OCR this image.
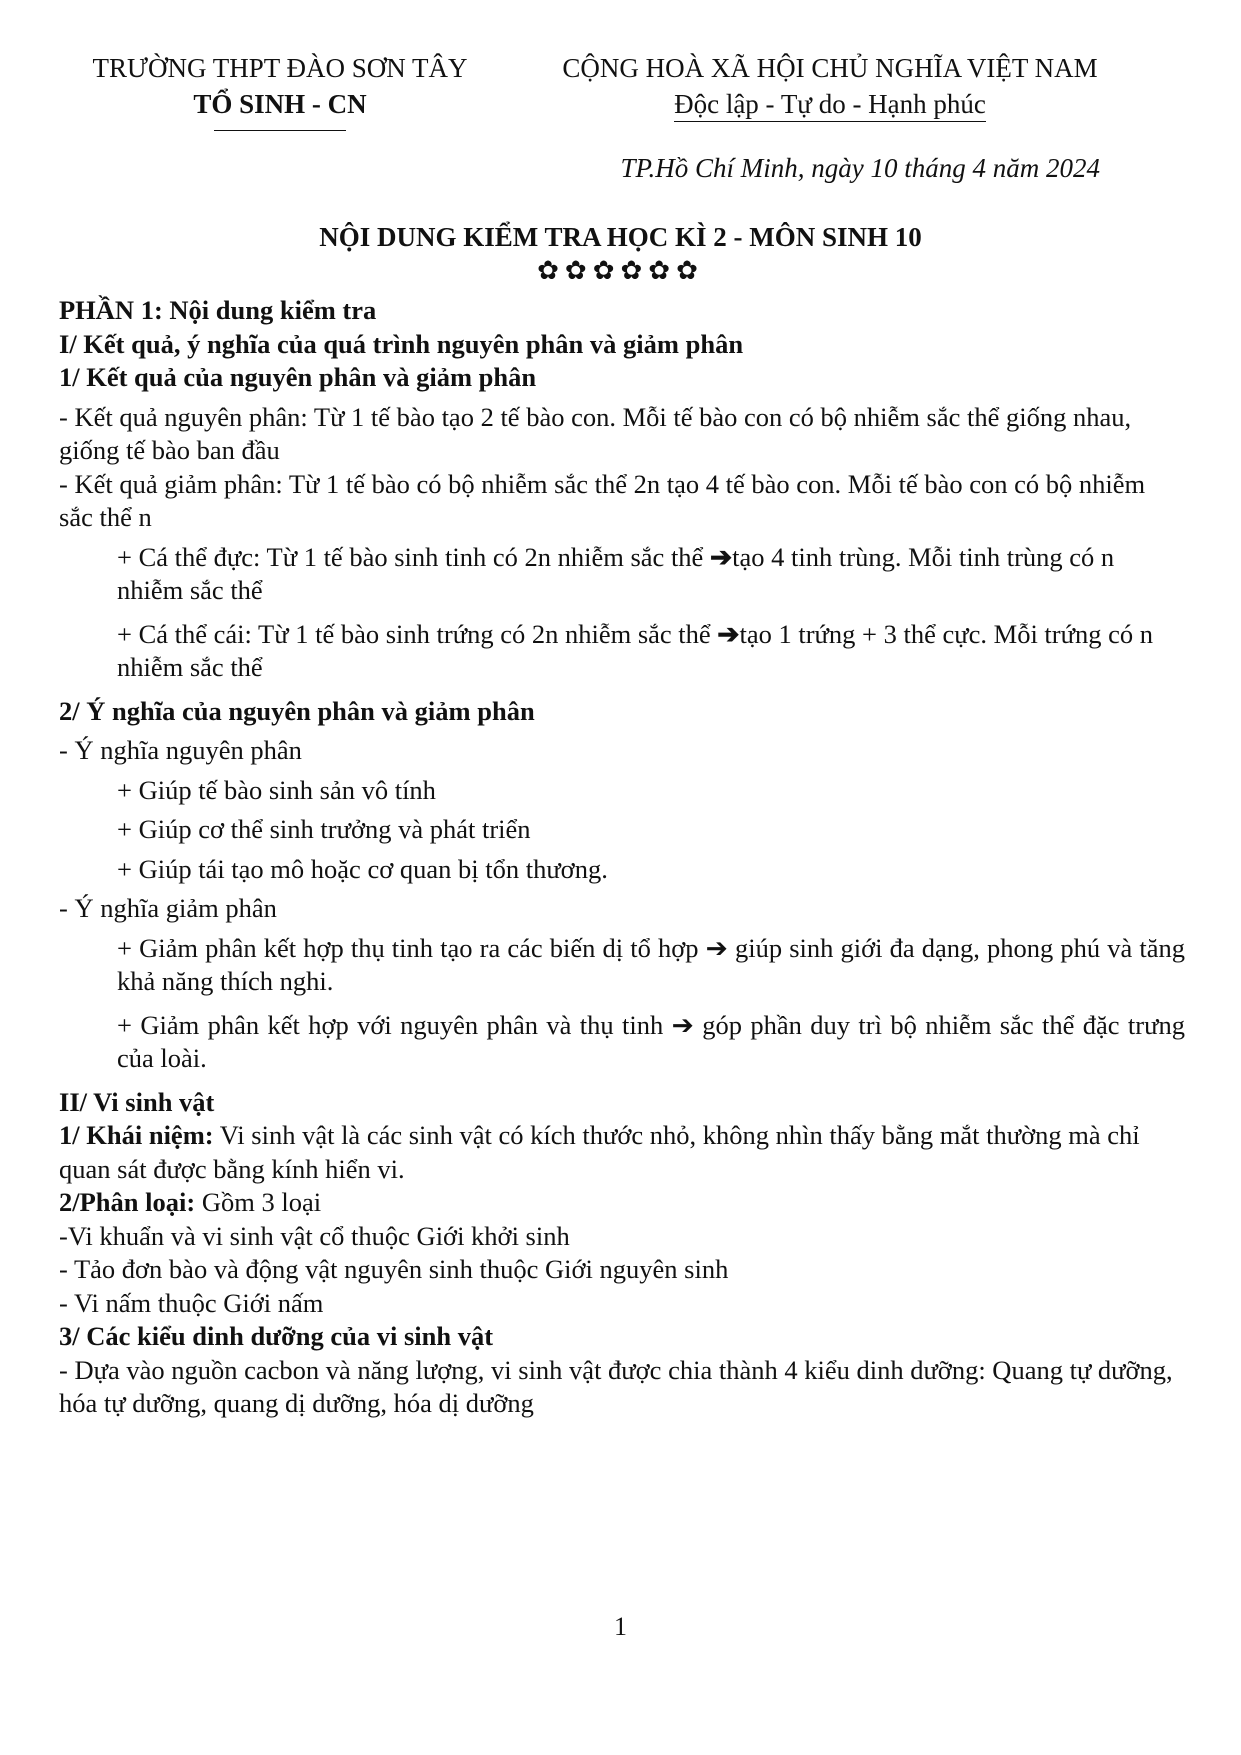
TRƯỜNG THPT ĐÀO SƠN TÂY
TỔ SINH - CN
CỘNG HOÀ XÃ HỘI CHỦ NGHĨA VIỆT NAM
Độc lập - Tự do - Hạnh phúc
TP.Hồ Chí Minh, ngày 10 tháng 4 năm 2024
NỘI DUNG KIỂM TRA HỌC KÌ 2 - MÔN SINH 10
✿✿✿✿✿✿

PHẦN 1: Nội dung kiểm tra

I/ Kết quả, ý nghĩa của quá trình nguyên phân và giảm phân

1/ Kết quả của nguyên phân và giảm phân

- Kết quả nguyên phân: Từ 1 tế bào tạo 2 tế bào con. Mỗi tế bào con có bộ nhiễm sắc thể giống nhau, giống tế bào ban đầu

- Kết quả giảm phân: Từ 1 tế bào có bộ nhiễm sắc thể 2n tạo 4 tế bào con. Mỗi tế bào con có bộ nhiễm sắc thể n

+ Cá thể đực: Từ 1 tế bào sinh tinh có 2n nhiễm sắc thể ➔tạo 4 tinh trùng. Mỗi tinh trùng có n nhiễm sắc thể

+ Cá thể cái: Từ 1 tế bào sinh trứng có 2n nhiễm sắc thể ➔tạo 1 trứng + 3 thể cực. Mỗi trứng có n nhiễm sắc thể

2/ Ý nghĩa của nguyên phân và giảm phân

- Ý nghĩa nguyên phân

+ Giúp tế bào sinh sản vô tính

+ Giúp cơ thể sinh trưởng và phát triển

+ Giúp tái tạo mô hoặc cơ quan bị tổn thương.

- Ý nghĩa giảm phân

+ Giảm phân kết hợp thụ tinh tạo ra các biến dị tổ hợp ➔ giúp sinh giới đa dạng, phong phú và tăng khả năng thích nghi.

+ Giảm phân kết hợp với nguyên phân và thụ tinh ➔ góp phần duy trì bộ nhiễm sắc thể đặc trưng của loài.

II/ Vi sinh vật

1/ Khái niệm: Vi sinh vật là các sinh vật có kích thước nhỏ, không nhìn thấy bằng mắt thường mà chỉ quan sát được bằng kính hiển vi.

2/Phân loại: Gồm 3 loại

-Vi khuẩn và vi sinh vật cổ thuộc Giới khởi sinh

- Tảo đơn bào và động vật nguyên sinh thuộc Giới nguyên sinh

- Vi nấm thuộc Giới nấm

3/ Các kiểu dinh dưỡng của vi sinh vật

- Dựa vào nguồn cacbon và năng lượng, vi sinh vật được chia thành 4 kiểu dinh dưỡng: Quang tự dưỡng, hóa tự dưỡng, quang dị dưỡng, hóa dị dưỡng

1
